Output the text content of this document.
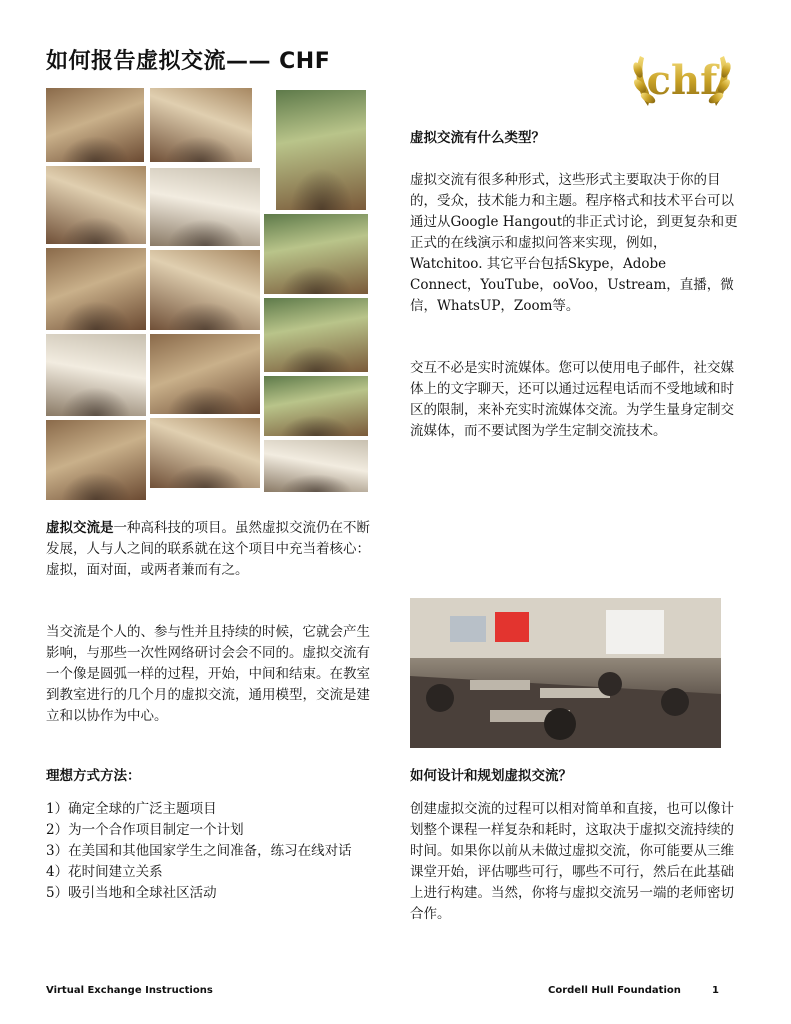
如何报告虚拟交流—— CHF	chf
虚拟交流有什么类型？

虚拟交流有很多种形式，这些形式主要取决于你的目的，受众，技术能力和主题。程序格式和技术平台可以通过从Google Hangout的非正式讨论，到更复杂和更正式的在线演示和虚拟问答来实现，例如， Watchitoo. 其它平台包括Skype，Adobe Connect，YouTube，ooVoo，Ustream，直播，微信，WhatsUP，Zoom等。

交互不必是实时流媒体。您可以使用电子邮件，社交媒体上的文字聊天，还可以通过远程电话而不受地域和时区的限制，来补充实时流媒体交流。为学生量身定制交流媒体，而不要试图为学生定制交流技术。

虚拟交流是一种高科技的项目。虽然虚拟交流仍在不断发展，人与人之间的联系就在这个项目中充当着核心：虚拟，面对面，或两者兼而有之。

当交流是个人的、参与性并且持续的时候，它就会产生影响，与那些一次性网络研讨会会不同的。虚拟交流有一个像是圆弧一样的过程，开始，中间和结束。在教室到教室进行的几个月的虚拟交流，通用模型，交流是建立和以协作为中心。

理想方式方法：
1）确定全球的广泛主题项目
2）为一个合作项目制定一个计划
3）在美国和其他国家学生之间准备，练习在线对话
4）花时间建立关系
5）吸引当地和全球社区活动
如何设计和规划虚拟交流？

创建虚拟交流的过程可以相对简单和直接，也可以像计划整个课程一样复杂和耗时，这取决于虚拟交流持续的时间。如果你以前从未做过虚拟交流，你可能要从三维课堂开始，评估哪些可行，哪些不可行，然后在此基础上进行构建。当然，你将与虚拟交流另一端的老师密切合作。

Virtual Exchange Instructions	Cordell Hull Foundation	1
